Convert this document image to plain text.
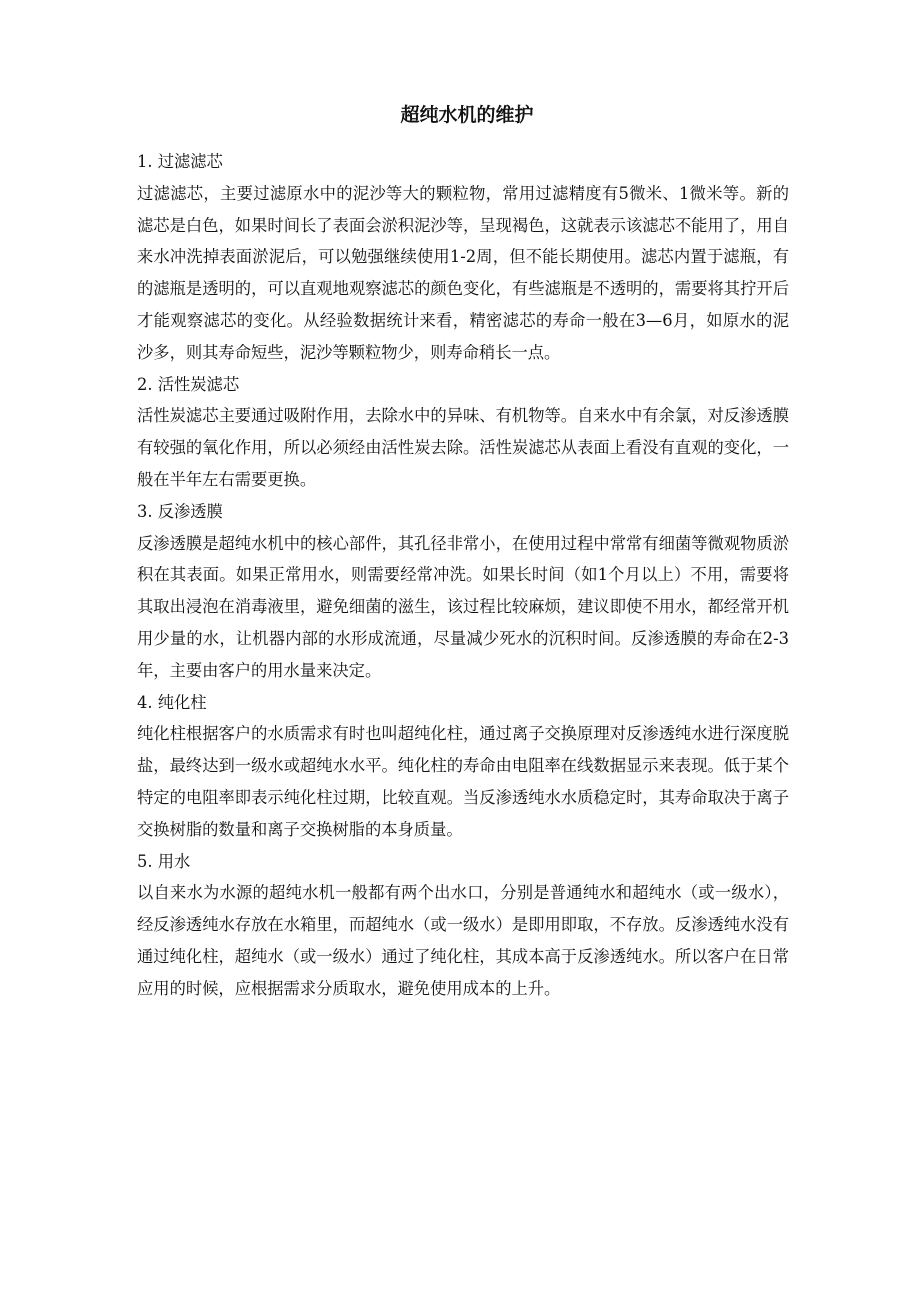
超纯水机的维护

1. 过滤滤芯

过滤滤芯，主要过滤原水中的泥沙等大的颗粒物，常用过滤精度有5微米、1微米等。新的滤芯是白色，如果时间长了表面会淤积泥沙等，呈现褐色，这就表示该滤芯不能用了，用自来水冲洗掉表面淤泥后，可以勉强继续使用1-2周，但不能长期使用。滤芯内置于滤瓶，有的滤瓶是透明的，可以直观地观察滤芯的颜色变化，有些滤瓶是不透明的，需要将其拧开后才能观察滤芯的变化。从经验数据统计来看，精密滤芯的寿命一般在3—6月，如原水的泥沙多，则其寿命短些，泥沙等颗粒物少，则寿命稍长一点。

2. 活性炭滤芯

活性炭滤芯主要通过吸附作用，去除水中的异味、有机物等。自来水中有余氯，对反渗透膜有较强的氧化作用，所以必须经由活性炭去除。活性炭滤芯从表面上看没有直观的变化，一般在半年左右需要更换。

3. 反渗透膜

反渗透膜是超纯水机中的核心部件，其孔径非常小，在使用过程中常常有细菌等微观物质淤积在其表面。如果正常用水，则需要经常冲洗。如果长时间（如1个月以上）不用，需要将其取出浸泡在消毒液里，避免细菌的滋生，该过程比较麻烦，建议即使不用水，都经常开机用少量的水，让机器内部的水形成流通，尽量减少死水的沉积时间。反渗透膜的寿命在2-3年，主要由客户的用水量来决定。

4. 纯化柱

纯化柱根据客户的水质需求有时也叫超纯化柱，通过离子交换原理对反渗透纯水进行深度脱盐，最终达到一级水或超纯水水平。纯化柱的寿命由电阻率在线数据显示来表现。低于某个特定的电阻率即表示纯化柱过期，比较直观。当反渗透纯水水质稳定时，其寿命取决于离子交换树脂的数量和离子交换树脂的本身质量。

5. 用水

以自来水为水源的超纯水机一般都有两个出水口，分别是普通纯水和超纯水（或一级水），经反渗透纯水存放在水箱里，而超纯水（或一级水）是即用即取，不存放。反渗透纯水没有通过纯化柱，超纯水（或一级水）通过了纯化柱，其成本高于反渗透纯水。所以客户在日常应用的时候，应根据需求分质取水，避免使用成本的上升。
